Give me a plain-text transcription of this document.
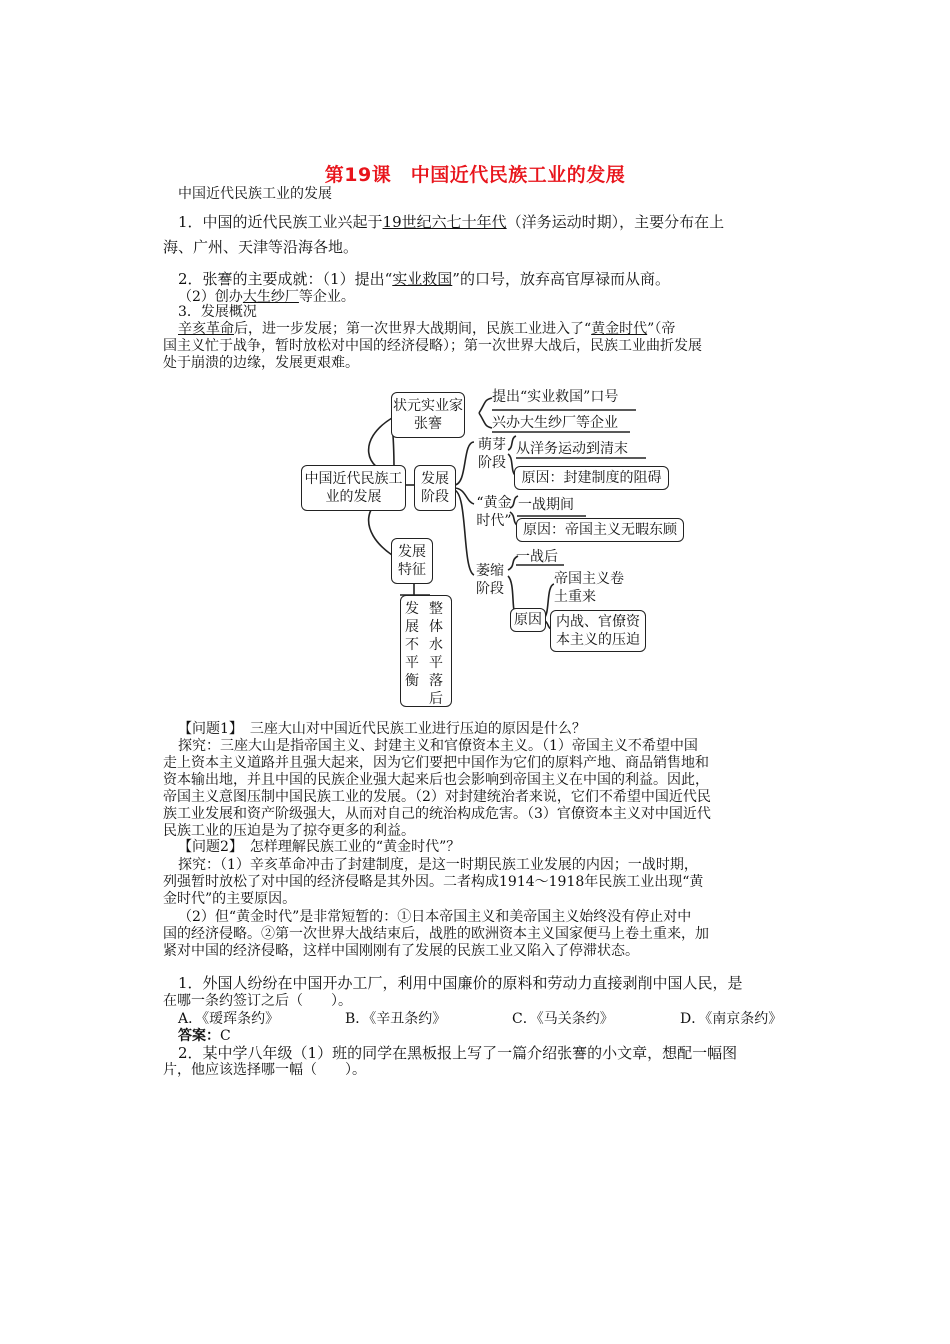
第19课　中国近代民族工业的发展
中国近代民族工业的发展
1．中国的近代民族工业兴起于19世纪六七十年代（洋务运动时期），主要分布在上
海、广州、天津等沿海各地。
2．张謇的主要成就：（1）提出“实业救国”的口号，放弃高官厚禄而从商。
（2）创办大生纱厂等企业。
3．发展概况
辛亥革命后，进一步发展；第一次世界大战期间，民族工业进入了“黄金时代”（帝
国主义忙于战争，暂时放松对中国的经济侵略）；第一次世界大战后，民族工业曲折发展
处于崩溃的边缘，发展更艰难。
状元实业家张謇
提出“实业救国”口号
兴办大生纱厂等企业
中国近代民族工业的发展
发展阶段
萌芽阶段
从洋务运动到清末
原因：封建制度的阻碍
“黄金时代”
一战期间
原因：帝国主义无暇东顾
发展特征	萎缩阶段
一战后
原因
帝国主义卷土重来
内战、官僚资本主义的压迫
发展不平衡
整体水平落后
【问题1】　 三座大山对中国近代民族工业进行压迫的原因是什么？
探究：三座大山是指帝国主义、封建主义和官僚资本主义。（1）帝国主义不希望中国
走上资本主义道路并且强大起来，因为它们要把中国作为它们的原料产地、商品销售地和
资本输出地，并且中国的民族企业强大起来后也会影响到帝国主义在中国的利益。因此，
帝国主义意图压制中国民族工业的发展。（2）对封建统治者来说，它们不希望中国近代民
族工业发展和资产阶级强大，从而对自己的统治构成危害。（3）官僚资本主义对中国近代
民族工业的压迫是为了掠夺更多的利益。
【问题2】　 怎样理解民族工业的“黄金时代”？
探究：（1）辛亥革命冲击了封建制度，是这一时期民族工业发展的内因；一战时期，
列强暂时放松了对中国的经济侵略是其外因。二者构成1914～1918年民族工业出现“黄
金时代”的主要原因。
（2）但“黄金时代”是非常短暂的：①日本帝国主义和美帝国主义始终没有停止对中
国的经济侵略。②第一次世界大战结束后，战胜的欧洲资本主义国家便马上卷土重来，加
紧对中国的经济侵略，这样中国刚刚有了发展的民族工业又陷入了停滞状态。
1．外国人纷纷在中国开办工厂，利用中国廉价的原料和劳动力直接剥削中国人民，是
在哪一条约签订之后（　　）。
A．《瑷珲条约》	B．《辛丑条约》	C．《马关条约》	D．《南京条约》
答案：C
2．某中学八年级（1）班的同学在黑板报上写了一篇介绍张謇的小文章，想配一幅图
片，他应该选择哪一幅（　　）。
